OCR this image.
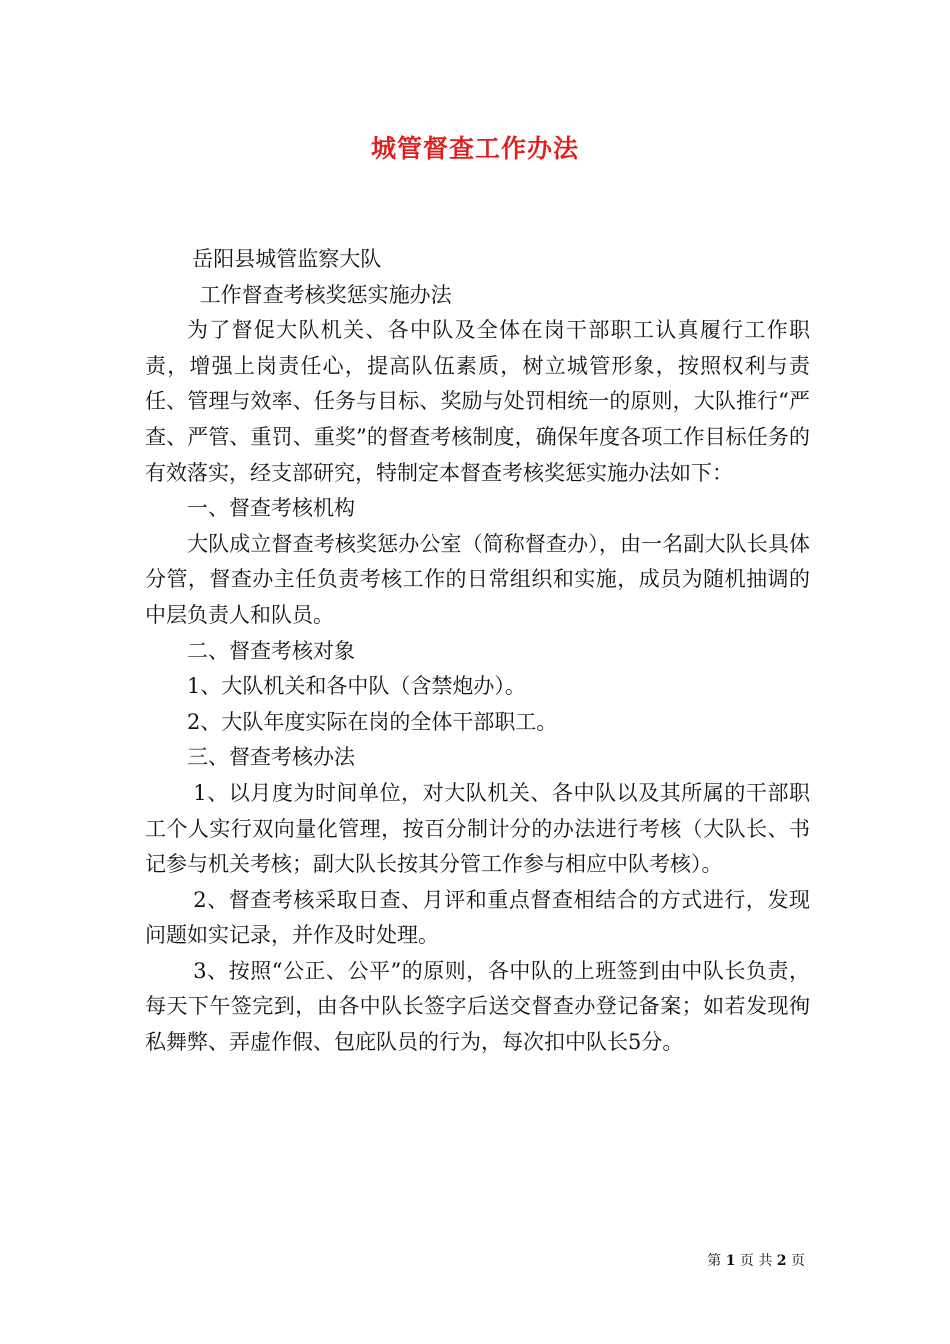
城管督查工作办法

岳阳县城管监察大队

工作督查考核奖惩实施办法

为了督促大队机关、各中队及全体在岗干部职工认真履行工作职责，增强上岗责任心，提高队伍素质，树立城管形象，按照权利与责任、管理与效率、任务与目标、奖励与处罚相统一的原则，大队推行“严查、严管、重罚、重奖”的督查考核制度，确保年度各项工作目标任务的有效落实，经支部研究，特制定本督查考核奖惩实施办法如下：

一、督查考核机构

大队成立督查考核奖惩办公室（简称督查办），由一名副大队长具体分管，督查办主任负责考核工作的日常组织和实施，成员为随机抽调的中层负责人和队员。

二、督查考核对象

1、大队机关和各中队（含禁炮办）。

2、大队年度实际在岗的全体干部职工。

三、督查考核办法

1、以月度为时间单位，对大队机关、各中队以及其所属的干部职工个人实行双向量化管理，按百分制计分的办法进行考核（大队长、书记参与机关考核；副大队长按其分管工作参与相应中队考核）。

2、督查考核采取日查、月评和重点督查相结合的方式进行，发现问题如实记录，并作及时处理。

3、按照“公正、公平”的原则，各中队的上班签到由中队长负责，每天下午签完到，由各中队长签字后送交督查办登记备案；如若发现徇私舞弊、弄虚作假、包庇队员的行为，每次扣中队长5分。

第 1 页 共 2 页
